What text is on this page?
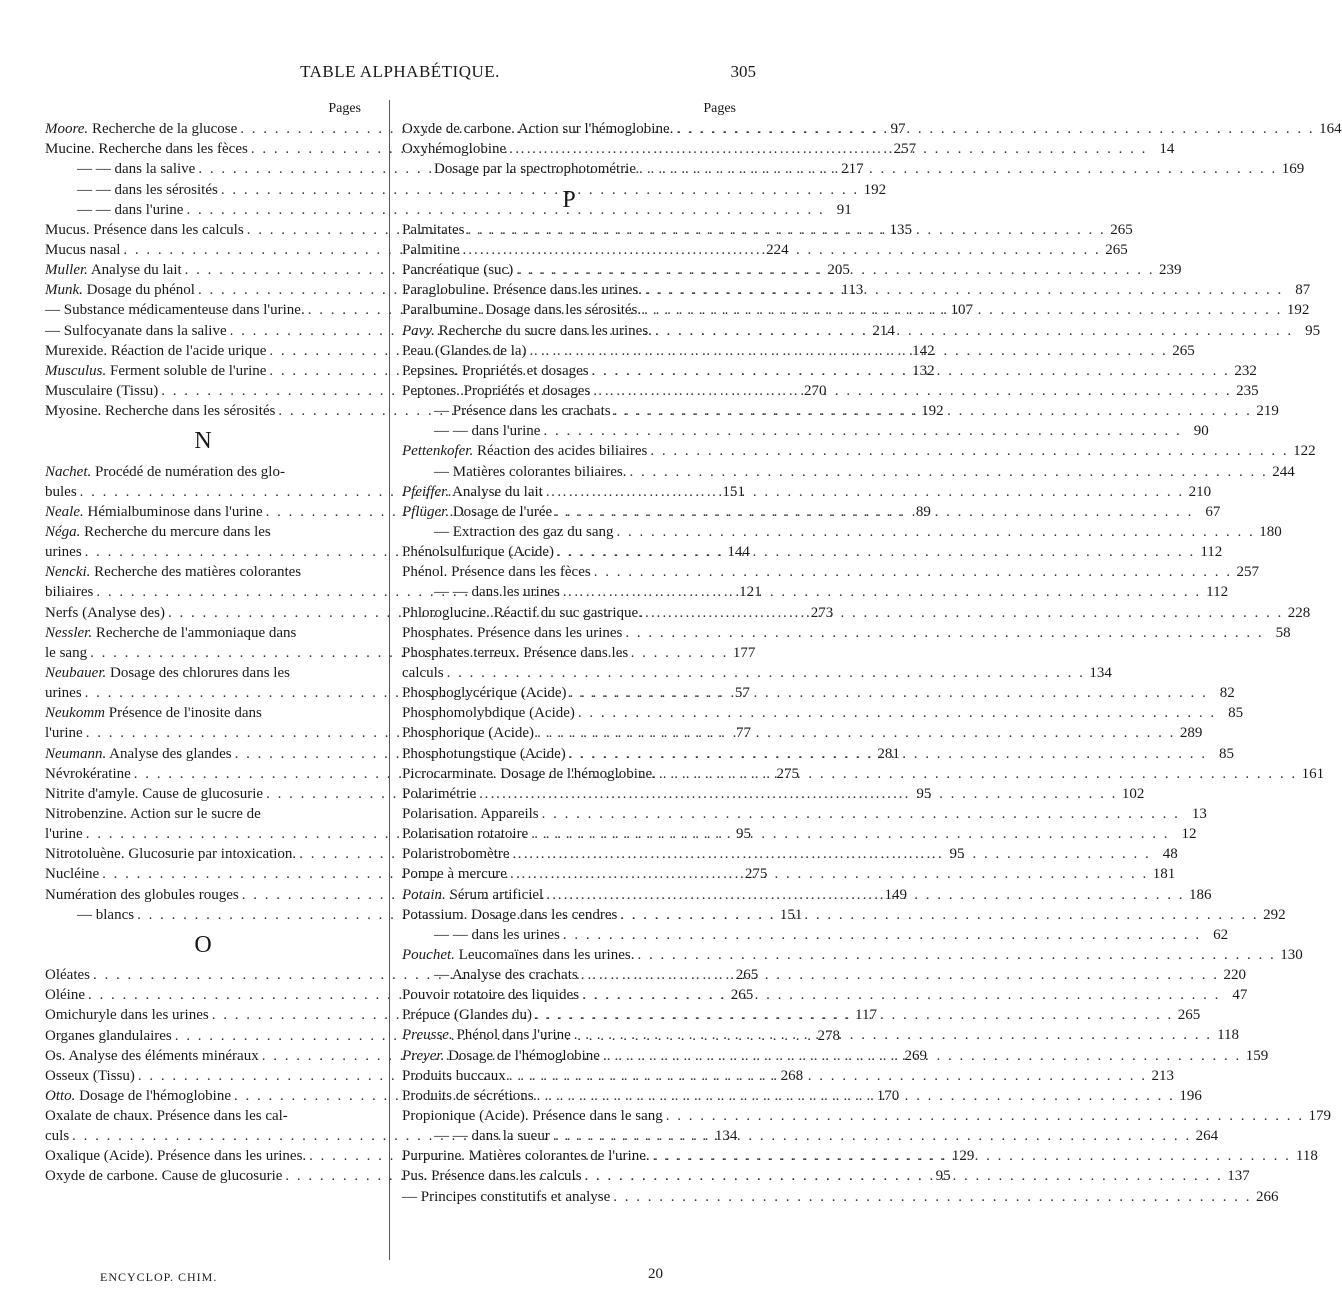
TABLE ALPHABÉTIQUE.	305
Pages
Moore. Recherche de la glucose . . .	97
Mucine. Recherche dans les fèces . . .	257
— — dans la salive . . .	217
— — dans les sérosités . . .	192
— — dans l'urine . . .	91
Mucus. Présence dans les calculs . . .	135
Mucus nasal . . .	224
Muller. Analyse du lait . . .	205
Munk. Dosage du phénol . . .	113
— Substance médicamenteuse dans l'urine. . . .	107
— Sulfocyanate dans la salive . . .	214
Murexide. Réaction de l'acide urique . . .	142
Musculus. Ferment soluble de l'urine . . .	132
Musculaire (Tissu) . . .	270
Myosine. Recherche dans les sérosités . . .	192
N
Nachet. Procédé de numération des glo-
bules . . .	151
Neale. Hémialbuminose dans l'urine . . .	89
Néga. Recherche du mercure dans les
urines . . .	144
Nencki. Recherche des matières colorantes
biliaires . . .	121
Nerfs (Analyse des) . . .	273
Nessler. Recherche de l'ammoniaque dans
le sang . . .	177
Neubauer. Dosage des chlorures dans les
urines . . .	57
Neukomm Présence de l'inosite dans
l'urine . . .	77
Neumann. Analyse des glandes . . .	281
Névrokératine . . .	275
Nitrite d'amyle. Cause de glucosurie . . .	95
Nitrobenzine. Action sur le sucre de
l'urine . . .	95
Nitrotoluène. Glucosurie par intoxication. . . .	95
Nucléine . . .	275
Numération des globules rouges . . .	149
— blancs . . .	151
O
Oléates . . .	265
Oléine . . .	265
Omichuryle dans les urines . . .	117
Organes glandulaires . . .	278
Os. Analyse des éléments minéraux . . .	269
Osseux (Tissu) . . .	268
Otto. Dosage de l'hémoglobine . . .	170
Oxalate de chaux. Présence dans les cal-
culs . . .	134
Oxalique (Acide). Présence dans les urines. . . .	129
Oxyde de carbone. Cause de glucosurie . . .	95
Pages
Oxyde de carbone. Action sur l'hémoglobine. . . .	164
Oxyhémoglobine . . .	14
Dosage par la spectrophotométrie . . .	169
P
Palmitates . . .	265
Palmitine . . .	265
Pancréatique (suc) . . .	239
Paraglobuline. Présence dans les urines. . . .	87
Paralbumine. Dosage dans les sérosités. . . .	192
Pavy. Recherche du sucre dans les urines. . . .	95
Peau (Glandes de la) . . .	265
Pepsines. Propriétés et dosages . . .	232
Peptones. Propriétés et dosages . . .	235
— Présence dans les crachats . . .	219
— — dans l'urine . . .	90
Pettenkofer. Réaction des acides biliaires . . .	122
— Matières colorantes biliaires. . . .	244
Pfeiffer. Analyse du lait . . .	210
Pflüger. Dosage de l'urée . . .	67
— Extraction des gaz du sang . . .	180
Phénolsulfurique (Acide) . . .	112
Phénol. Présence dans les fèces . . .	257
— — dans les urines . . .	112
Phloroglucine. Réactif du suc gastrique. . . .	228
Phosphates. Présence dans les urines . . .	58
Phosphates terreux. Présence dans les
calculs . . .	134
Phosphoglycérique (Acide) . . .	82
Phosphomolybdique (Acide) . . .	85
Phosphorique (Acide) . . .	289
Phosphotungstique (Acide) . . .	85
Picrocarminate. Dosage de l'hémoglobine. . . .	161
Polarimétrie . . .	102
Polarisation. Appareils . . .	13
Polarisation rotatoire . . .	12
Polaristrobomètre . . .	48
Pompe à mercure . . .	181
Potain. Sérum artificiel . . .	186
Potassium. Dosage dans les cendres . . .	292
— — dans les urines . . .	62
Pouchet. Leucomaïnes dans les urines. . . .	130
— Analyse des crachats . . .	220
Pouvoir rotatoire des liquides . . .	47
Prépuce (Glandes du) . . .	265
Preusse. Phénol dans l'urine . . .	118
Preyer. Dosage de l'hémoglobine . . .	159
Produits buccaux . . .	213
Produits de sécrétions . . .	196
Propionique (Acide). Présence dans le sang . . .	179
— — dans la sueur . . .	264
Purpurine. Matières colorantes de l'urine. . . .	118
Pus. Présence dans les calculs . . .	137
— Principes constitutifs et analyse . . .	266
ENCYCLOP. CHIM.	20
